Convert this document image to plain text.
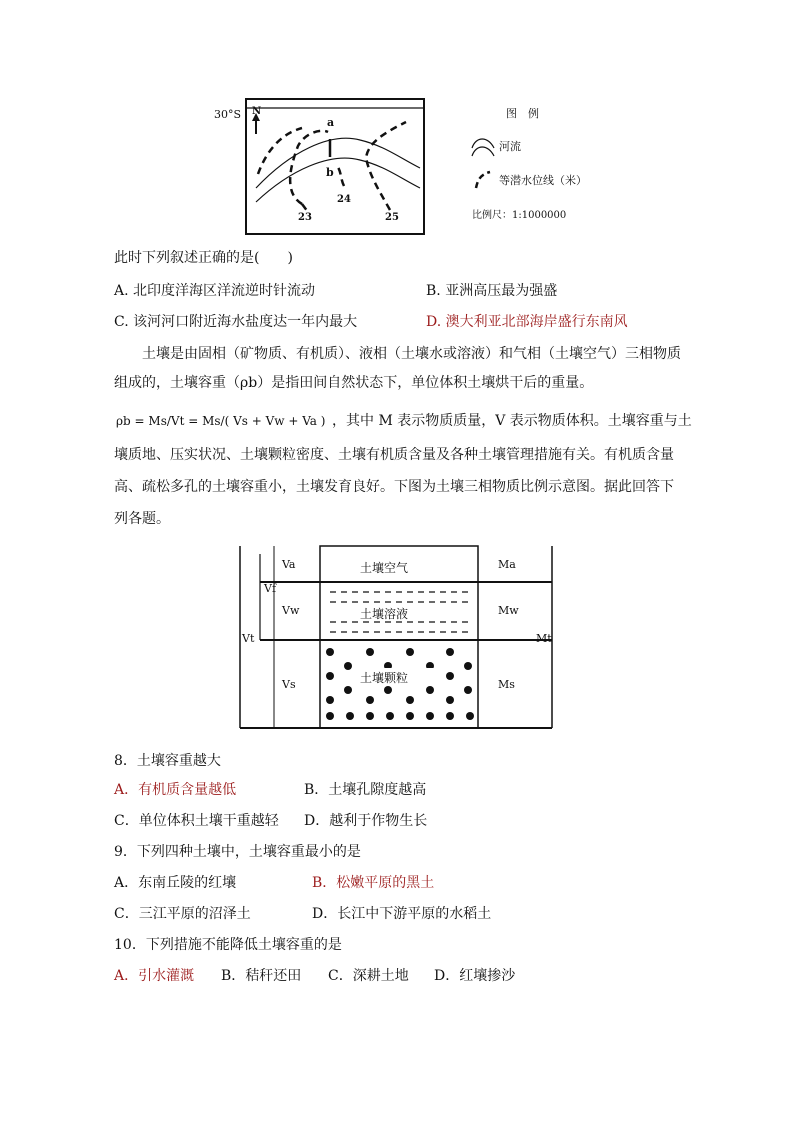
30°S N
a
b
23
24
25
图　例
河流
等潜水位线（米）
比例尺：1:1000000
此时下列叙述正确的是(　　)
A. 北印度洋海区洋流逆时针流动	B. 亚洲高压最为强盛
C. 该河河口附近海水盐度达一年内最大	D. 澳大利亚北部海岸盛行东南风
土壤是由固相（矿物质、有机质）、液相（土壤水或溶液）和气相（土壤空气）三相物质
组成的，土壤容重（ρb）是指田间自然状态下，单位体积土壤烘干后的重量。
ρb = Ms/Vt = Ms/( Vs + Vw + Va ) ，其中 M 表示物质质量，V 表示物质体积。土壤容重与土
壤质地、压实状况、土壤颗粒密度、土壤有机质含量及各种土壤管理措施有关。有机质含量
高、疏松多孔的土壤容重小，土壤发育良好。下图为土壤三相物质比例示意图。据此回答下
列各题。
土壤空气
土壤溶液
土壤颗粒
Va
Vf
Vw
Vt
Vs
Ma
Mw
Mt
Ms
8．土壤容重越大
A．有机质含量越低	B．土壤孔隙度越高
C．单位体积土壤干重越轻 D．越利于作物生长
9．下列四种土壤中，土壤容重最小的是
A．东南丘陵的红壤	B．松嫩平原的黑土
C．三江平原的沼泽土	D．长江中下游平原的水稻土
10．下列措施不能降低土壤容重的是
A．引水灌溉 B．秸秆还田 C．深耕土地 D．红壤掺沙
